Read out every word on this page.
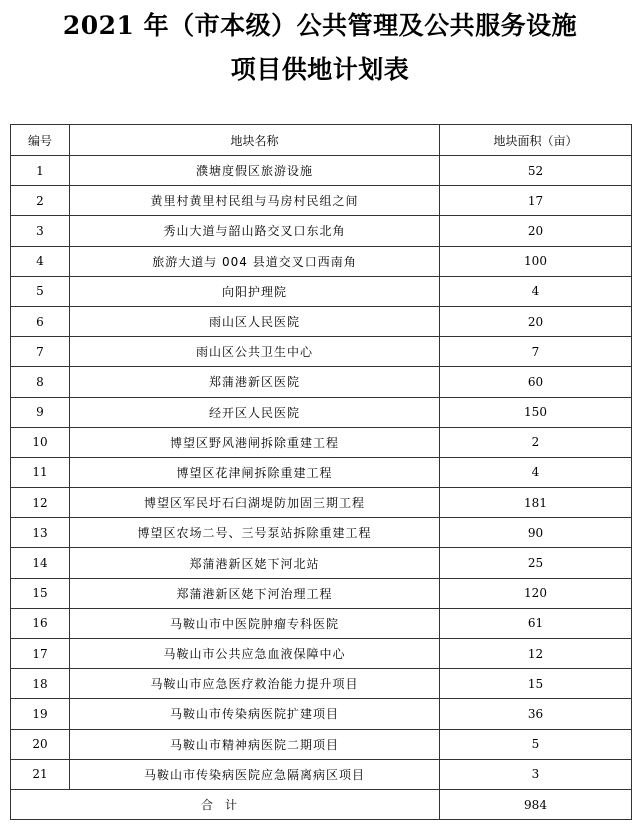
2021 年（市本级）公共管理及公共服务设施
项目供地计划表
编号	地块名称	地块面积（亩）
1	濮塘度假区旅游设施	52
2	黄里村黄里村民组与马房村民组之间	17
3	秀山大道与韶山路交叉口东北角	20
4	旅游大道与 004 县道交叉口西南角	100
5	向阳护理院	4
6	雨山区人民医院	20
7	雨山区公共卫生中心	7
8	郑蒲港新区医院	60
9	经开区人民医院	150
10	博望区野风港闸拆除重建工程	2
11	博望区花津闸拆除重建工程	4
12	博望区军民圩石臼湖堤防加固三期工程	181
13	博望区农场二号、三号泵站拆除重建工程	90
14	郑蒲港新区姥下河北站	25
15	郑蒲港新区姥下河治理工程	120
16	马鞍山市中医院肿瘤专科医院	61
17	马鞍山市公共应急血液保障中心	12
18	马鞍山市应急医疗救治能力提升项目	15
19	马鞍山市传染病医院扩建项目	36
20	马鞍山市精神病医院二期项目	5
21	马鞍山市传染病医院应急隔离病区项目	3
合计		984
